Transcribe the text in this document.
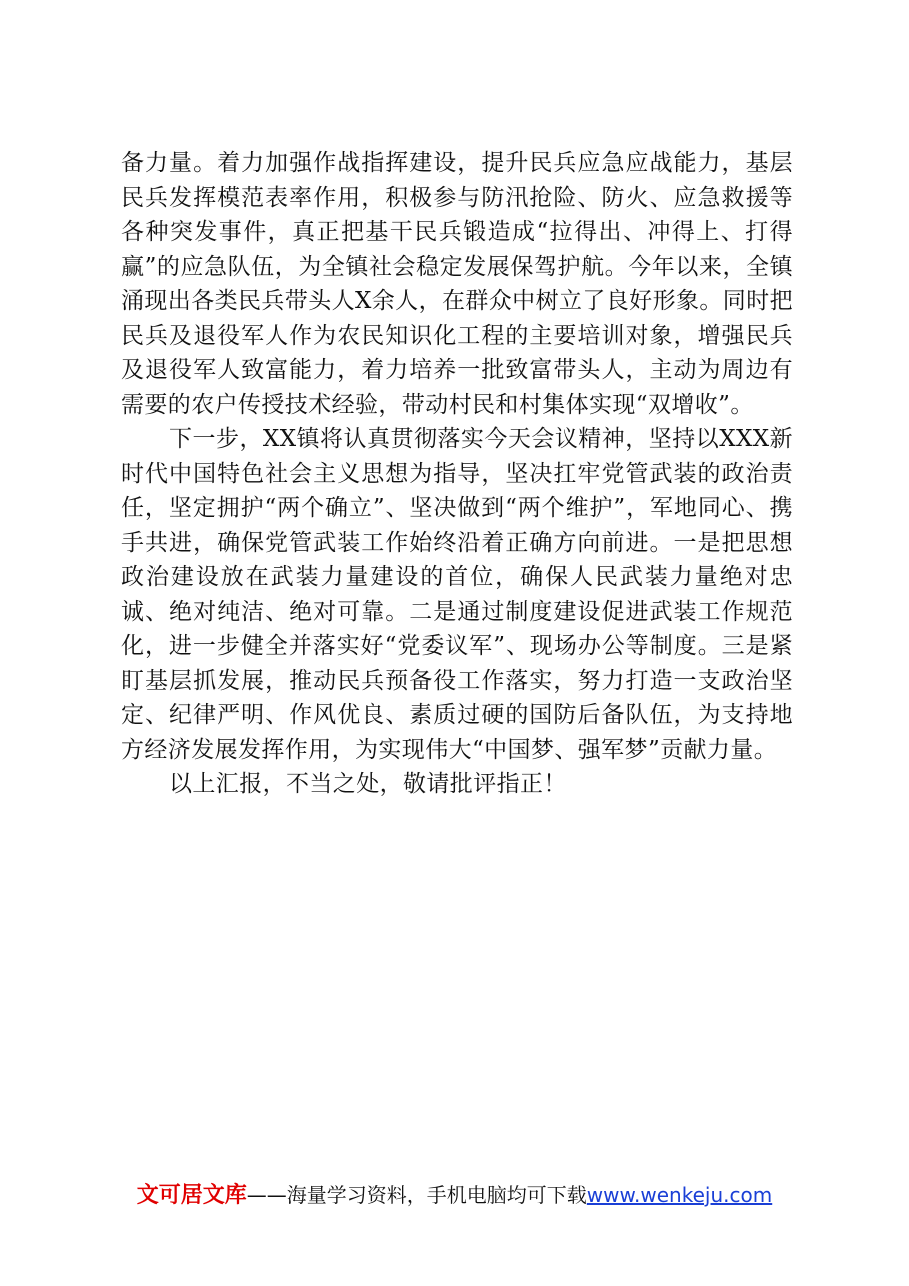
备力量。着力加强作战指挥建设，提升民兵应急应战能力，基层民兵发挥模范表率作用，积极参与防汛抢险、防火、应急救援等各种突发事件，真正把基干民兵锻造成“拉得出、冲得上、打得赢”的应急队伍，为全镇社会稳定发展保驾护航。今年以来，全镇涌现出各类民兵带头人X余人，在群众中树立了良好形象。同时把民兵及退役军人作为农民知识化工程的主要培训对象，增强民兵及退役军人致富能力，着力培养一批致富带头人，主动为周边有需要的农户传授技术经验，带动村民和村集体实现“双增收”。

下一步，XX镇将认真贯彻落实今天会议精神，坚持以XXX新时代中国特色社会主义思想为指导，坚决扛牢党管武装的政治责任，坚定拥护“两个确立”、坚决做到“两个维护”，军地同心、携手共进，确保党管武装工作始终沿着正确方向前进。一是把思想政治建设放在武装力量建设的首位，确保人民武装力量绝对忠诚、绝对纯洁、绝对可靠。二是通过制度建设促进武装工作规范化，进一步健全并落实好“党委议军”、现场办公等制度。三是紧盯基层抓发展，推动民兵预备役工作落实，努力打造一支政治坚定、纪律严明、作风优良、素质过硬的国防后备队伍，为支持地方经济发展发挥作用，为实现伟大“中国梦、强军梦”贡献力量。

以上汇报，不当之处，敬请批评指正！

文可居文库——海量学习资料，手机电脑均可下载www.wenkeju.com
